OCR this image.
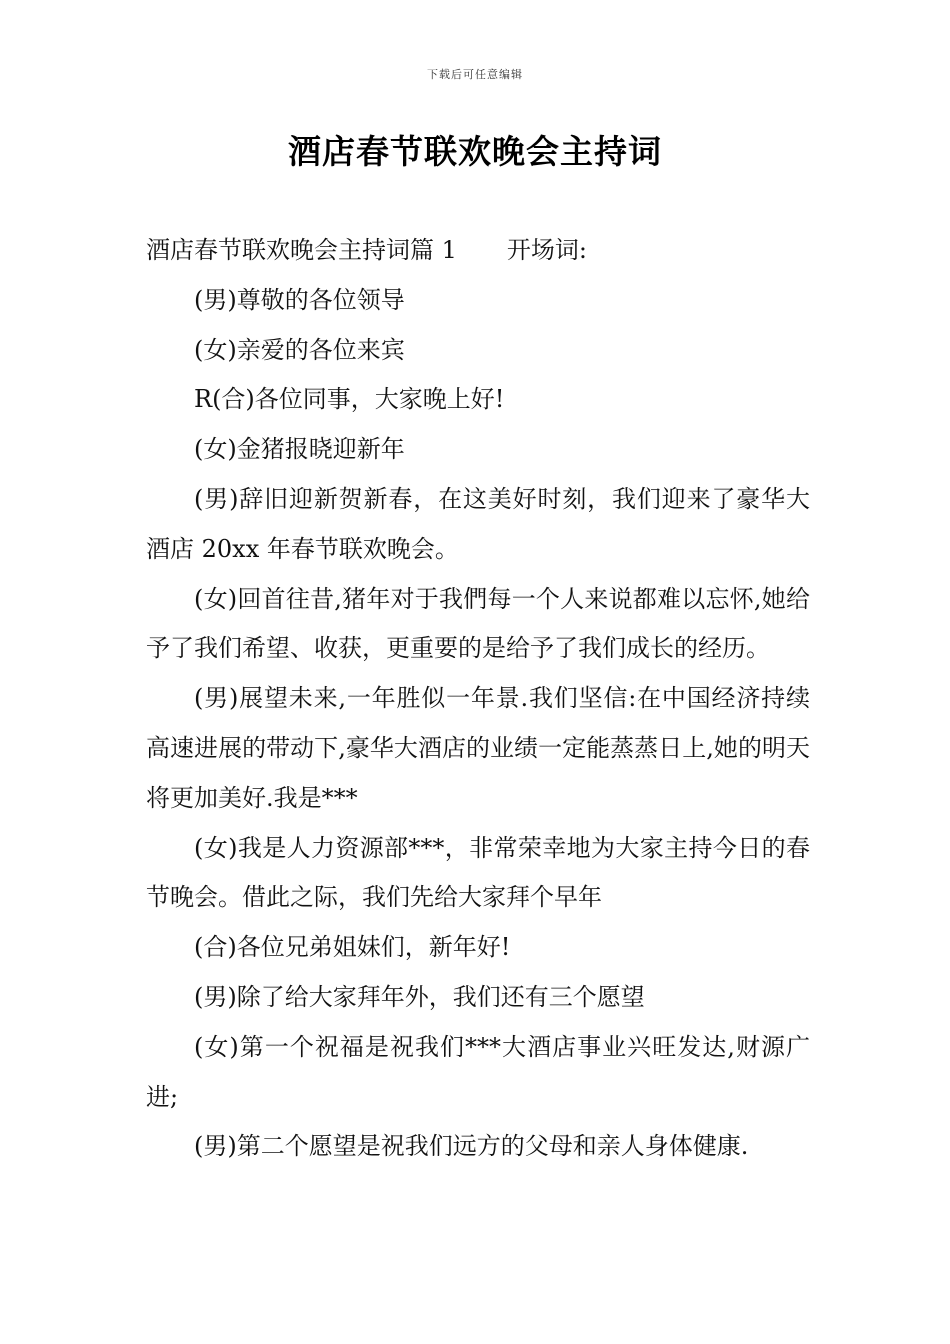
下载后可任意编辑
酒店春节联欢晚会主持词

酒店春节联欢晚会主持词篇 1 开场词:

(男)尊敬的各位领导

(女)亲爱的各位来宾

R(合)各位同事，大家晚上好!

(女)金猪报晓迎新年

(男)辞旧迎新贺新春，在这美好时刻，我们迎来了豪华大酒店 20xx 年春节联欢晚会。

(女)回首往昔,猪年对于我們每一个人来说都难以忘怀,她给予了我们希望、收获，更重要的是给予了我们成长的经历。

(男)展望未来,一年胜似一年景.我们坚信:在中国经济持续高速进展的带动下,豪华大酒店的业绩一定能蒸蒸日上,她的明天将更加美好.我是***

(女)我是人力资源部***，非常荣幸地为大家主持今日的春节晚会。借此之际，我们先给大家拜个早年

(合)各位兄弟姐妹们，新年好!

(男)除了给大家拜年外，我们还有三个愿望

(女)第一个祝福是祝我们***大酒店事业兴旺发达,财源广进;

(男)第二个愿望是祝我们远方的父母和亲人身体健康.
